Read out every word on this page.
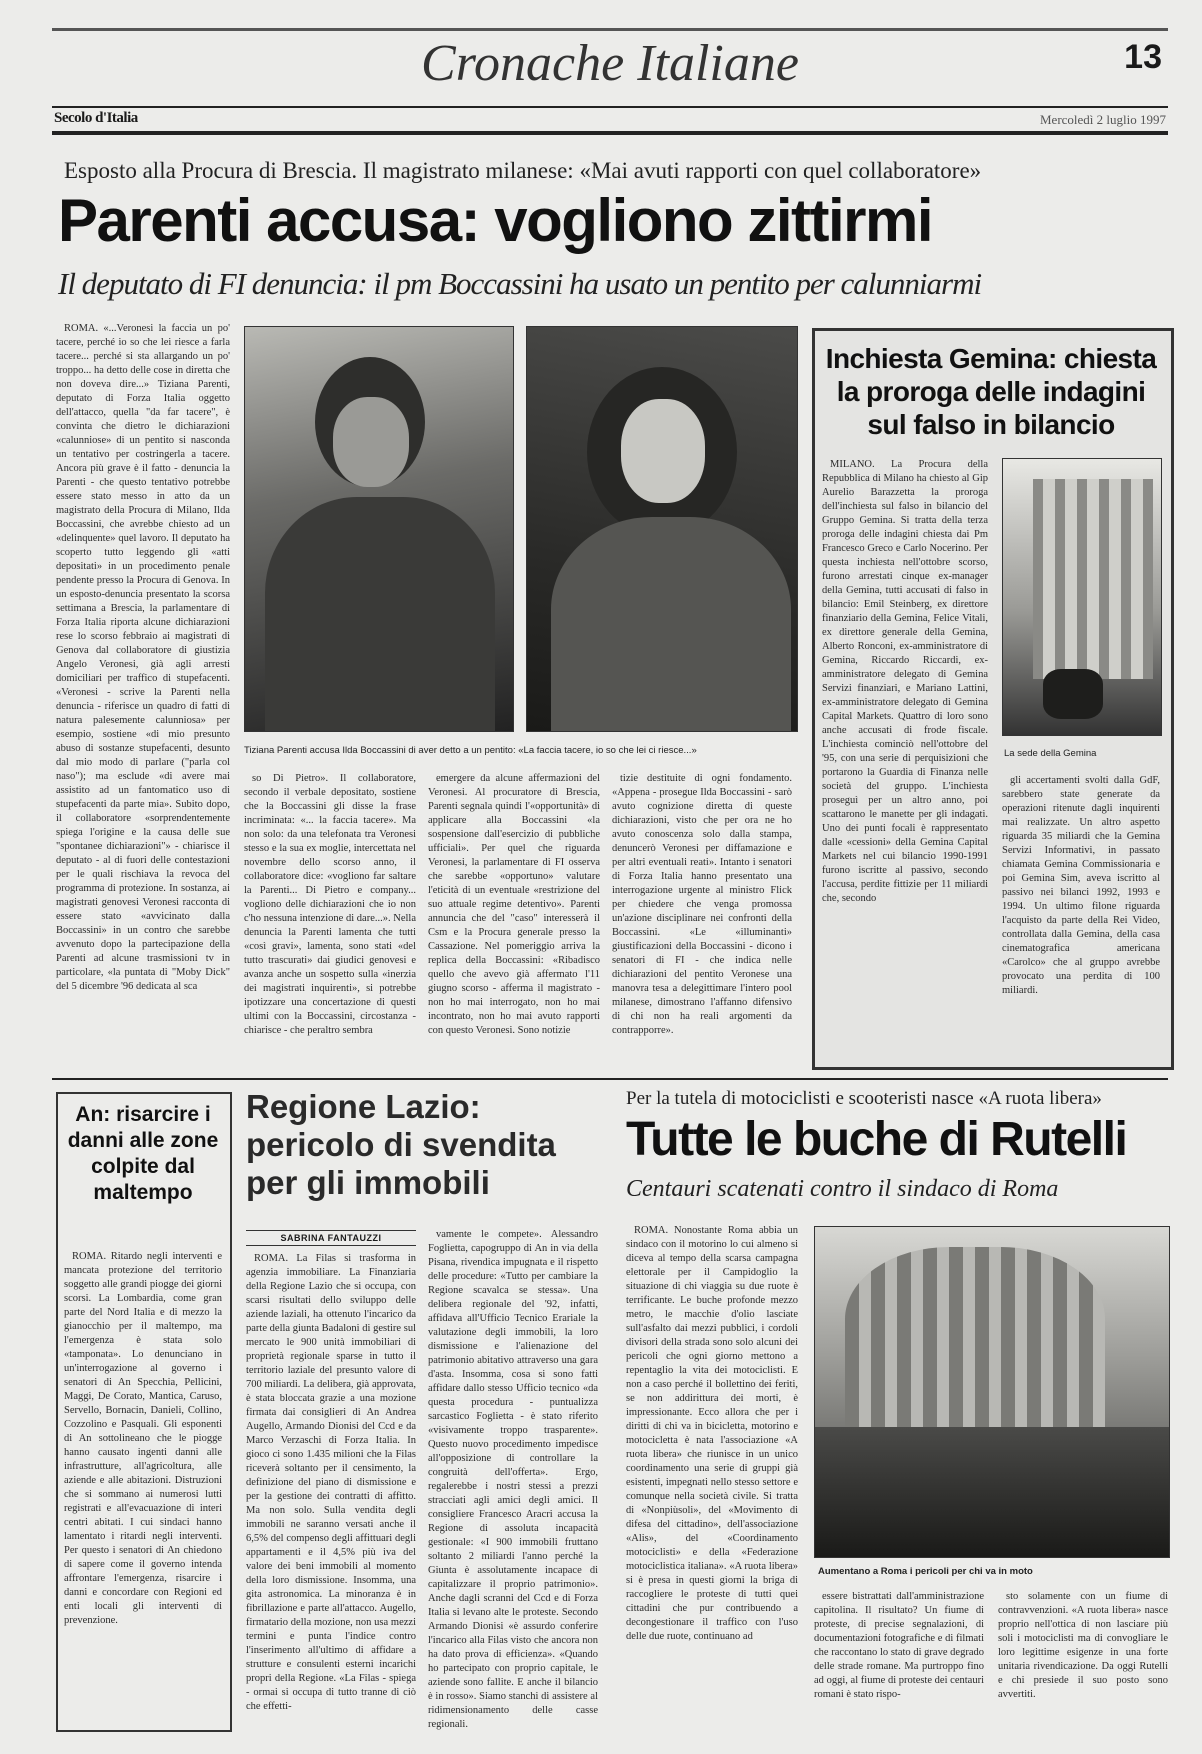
Cronache Italiane	13
Secolo d'Italia	Mercoledì 2 luglio 1997
Esposto alla Procura di Brescia. Il magistrato milanese: «Mai avuti rapporti con quel collaboratore»
Parenti accusa: vogliono zittirmi
Il deputato di FI denuncia: il pm Boccassini ha usato un pentito per calunniarmi

ROMA. «...Veronesi la faccia un po' tacere, perché io so che lei riesce a farla tacere... perché si sta allargando un po' troppo... ha detto delle cose in diretta che non doveva dire...» Tiziana Parenti, deputato di Forza Italia oggetto dell'attacco, quella "da far tacere", è convinta che dietro le dichiarazioni «calunniose» di un pentito si nasconda un tentativo per costringerla a tacere. Ancora più grave è il fatto - denuncia la Parenti - che questo tentativo potrebbe essere stato messo in atto da un magistrato della Procura di Milano, Ilda Boccassini, che avrebbe chiesto ad un «delinquente» quel lavoro. Il deputato ha scoperto tutto leggendo gli «atti depositati» in un procedimento penale pendente presso la Procura di Genova. In un esposto-denuncia presentato la scorsa settimana a Brescia, la parlamentare di Forza Italia riporta alcune dichiarazioni rese lo scorso febbraio ai magistrati di Genova dal collaboratore di giustizia Angelo Veronesi, già agli arresti domiciliari per traffico di stupefacenti. «Veronesi - scrive la Parenti nella denuncia - riferisce un quadro di fatti di natura palesemente calunniosa» per esempio, sostiene «di mio presunto abuso di sostanze stupefacenti, desunto dal mio modo di parlare ("parla col naso"); ma esclude «di avere mai assistito ad un fantomatico uso di stupefacenti da parte mia». Subito dopo, il collaboratore «sorprendentemente spiega l'origine e la causa delle sue "spontanee dichiarazioni"» - chiarisce il deputato - al di fuori delle contestazioni per le quali rischiava la revoca del programma di protezione. In sostanza, ai magistrati genovesi Veronesi racconta di essere stato «avvicinato dalla Boccassini» in un contro che sarebbe avvenuto dopo la partecipazione della Parenti ad alcune trasmissioni tv in particolare, «la puntata di "Moby Dick" del 5 dicembre '96 dedicata al sca

Tiziana Parenti accusa Ilda Boccassini di aver detto a un pentito: «La faccia tacere, io so che lei ci riesce...»

so Di Pietro». Il collaboratore, secondo il verbale depositato, sostiene che la Boccassini gli disse la frase incriminata: «... la faccia tacere». Ma non solo: da una telefonata tra Veronesi stesso e la sua ex moglie, intercettata nel novembre dello scorso anno, il collaboratore dice: «vogliono far saltare la Parenti... Di Pietro e company... vogliono delle dichiarazioni che io non c'ho nessuna intenzione di dare...». Nella denuncia la Parenti lamenta che tutti «così gravi», lamenta, sono stati «del tutto trascurati» dai giudici genovesi e avanza anche un sospetto sulla «inerzia dei magistrati inquirenti», si potrebbe ipotizzare una concertazione di questi ultimi con la Boccassini, circostanza - chiarisce - che peraltro sembra

emergere da alcune affermazioni del Veronesi. Al procuratore di Brescia, Parenti segnala quindi l'«opportunità» di applicare alla Boccassini «la sospensione dall'esercizio di pubbliche ufficiali». Per quel che riguarda Veronesi, la parlamentare di FI osserva che sarebbe «opportuno» valutare l'eticità di un eventuale «restrizione del suo attuale regime detentivo». Parenti annuncia che del "caso" interesserà il Csm e la Procura generale presso la Cassazione. Nel pomeriggio arriva la replica della Boccassini: «Ribadisco quello che avevo già affermato l'11 giugno scorso - afferma il magistrato - non ho mai interrogato, non ho mai incontrato, non ho mai avuto rapporti con questo Veronesi. Sono notizie

tizie destituite di ogni fondamento. «Appena - prosegue Ilda Boccassini - sarò avuto cognizione diretta di queste dichiarazioni, visto che per ora ne ho avuto conoscenza solo dalla stampa, denuncerò Veronesi per diffamazione e per altri eventuali reati». Intanto i senatori di Forza Italia hanno presentato una interrogazione urgente al ministro Flick per chiedere che venga promossa un'azione disciplinare nei confronti della Boccassini. «Le «illuminanti» giustificazioni della Boccassini - dicono i senatori di FI - che indica nelle dichiarazioni del pentito Veronese una manovra tesa a delegittimare l'intero pool milanese, dimostrano l'affanno difensivo di chi non ha reali argomenti da contrapporre».

Inchiesta Gemina: chiesta la proroga delle indagini sul falso in bilancio

MILANO. La Procura della Repubblica di Milano ha chiesto al Gip Aurelio Barazzetta la proroga dell'inchiesta sul falso in bilancio del Gruppo Gemina. Si tratta della terza proroga delle indagini chiesta dai Pm Francesco Greco e Carlo Nocerino. Per questa inchiesta nell'ottobre scorso, furono arrestati cinque ex-manager della Gemina, tutti accusati di falso in bilancio: Emil Steinberg, ex direttore finanziario della Gemina, Felice Vitali, ex direttore generale della Gemina, Alberto Ronconi, ex-amministratore di Gemina, Riccardo Riccardi, ex-amministratore delegato di Gemina Servizi finanziari, e Mariano Lattini, ex-amministratore delegato di Gemina Capital Markets. Quattro di loro sono anche accusati di frode fiscale. L'inchiesta cominciò nell'ottobre del '95, con una serie di perquisizioni che portarono la Guardia di Finanza nelle società del gruppo. L'inchiesta proseguì per un altro anno, poi scattarono le manette per gli indagati. Uno dei punti focali è rappresentato dalle «cessioni» della Gemina Capital Markets nel cui bilancio 1990-1991 furono iscritte al passivo, secondo l'accusa, perdite fittizie per 11 miliardi che, secondo

La sede della Gemina

gli accertamenti svolti dalla GdF, sarebbero state generate da operazioni ritenute dagli inquirenti mai realizzate. Un altro aspetto riguarda 35 miliardi che la Gemina Servizi Informativi, in passato chiamata Gemina Commissionaria e poi Gemina Sim, aveva iscritto al passivo nei bilanci 1992, 1993 e 1994. Un ultimo filone riguarda l'acquisto da parte della Rei Video, controllata dalla Gemina, della casa cinematografica americana «Carolco» che al gruppo avrebbe provocato una perdita di 100 miliardi.

An: risarcire i danni alle zone colpite dal maltempo

ROMA. Ritardo negli interventi e mancata protezione del territorio soggetto alle grandi piogge dei giorni scorsi. La Lombardia, come gran parte del Nord Italia e di mezzo la gianocchio per il maltempo, ma l'emergenza è stata solo «tamponata». Lo denunciano in un'interrogazione al governo i senatori di An Specchia, Pellicini, Maggi, De Corato, Mantica, Caruso, Servello, Bornacin, Danieli, Collino, Cozzolino e Pasquali. Gli esponenti di An sottolineano che le piogge hanno causato ingenti danni alle infrastrutture, all'agricoltura, alle aziende e alle abitazioni. Distruzioni che si sommano ai numerosi lutti registrati e all'evacuazione di interi centri abitati. I cui sindaci hanno lamentato i ritardi negli interventi. Per questo i senatori di An chiedono di sapere come il governo intenda affrontare l'emergenza, risarcire i danni e concordare con Regioni ed enti locali gli interventi di prevenzione.

Regione Lazio: pericolo di svendita per gli immobili
SABRINA FANTAUZZI

ROMA. La Filas si trasforma in agenzia immobiliare. La Finanziaria della Regione Lazio che si occupa, con scarsi risultati dello sviluppo delle aziende laziali, ha ottenuto l'incarico da parte della giunta Badaloni di gestire sul mercato le 900 unità immobiliari di proprietà regionale sparse in tutto il territorio laziale del presunto valore di 700 miliardi. La delibera, già approvata, è stata bloccata grazie a una mozione firmata dai consiglieri di An Andrea Augello, Armando Dionisi del Ccd e da Marco Verzaschi di Forza Italia. In gioco ci sono 1.435 milioni che la Filas riceverà soltanto per il censimento, la definizione del piano di dismissione e per la gestione dei contratti di affitto. Ma non solo. Sulla vendita degli immobili ne saranno versati anche il 6,5% del compenso degli affittuari degli appartamenti e il 4,5% più iva del valore dei beni immobili al momento della loro dismissione. Insomma, una gita astronomica. La minoranza è in fibrillazione e parte all'attacco. Augello, firmatario della mozione, non usa mezzi termini e punta l'indice contro l'inserimento all'ultimo di affidare a strutture e consulenti esterni incarichi propri della Regione. «La Filas - spiega - ormai si occupa di tutto tranne di ciò che effetti-

vamente le compete». Alessandro Foglietta, capogruppo di An in via della Pisana, rivendica impugnata e il rispetto delle procedure: «Tutto per cambiare la Regione scavalca se stessa». Una delibera regionale del '92, infatti, affidava all'Ufficio Tecnico Erariale la valutazione degli immobili, la loro dismissione e l'alienazione del patrimonio abitativo attraverso una gara d'asta. Insomma, cosa si sono fatti affidare dallo stesso Ufficio tecnico «da questa procedura - puntualizza sarcastico Foglietta - è stato riferito «visivamente troppo trasparente». Questo nuovo procedimento impedisce all'opposizione di controllare la congruità dell'offerta». Ergo, regalerebbe i nostri stessi a prezzi stracciati agli amici degli amici. Il consigliere Francesco Aracri accusa la Regione di assoluta incapacità gestionale: «I 900 immobili fruttano soltanto 2 miliardi l'anno perché la Giunta è assolutamente incapace di capitalizzare il proprio patrimonio». Anche dagli scranni del Ccd e di Forza Italia si levano alte le proteste. Secondo Armando Dionisi «è assurdo conferire l'incarico alla Filas visto che ancora non ha dato prova di efficienza». «Quando ho partecipato con proprio capitale, le aziende sono fallite. E anche il bilancio è in rosso». Siamo stanchi di assistere al ridimensionamento delle casse regionali.

Per la tutela di motociclisti e scooteristi nasce «A ruota libera»
Tutte le buche di Rutelli
Centauri scatenati contro il sindaco di Roma

ROMA. Nonostante Roma abbia un sindaco con il motorino lo cui almeno si diceva al tempo della scarsa campagna elettorale per il Campidoglio la situazione di chi viaggia su due ruote è terrificante. Le buche profonde mezzo metro, le macchie d'olio lasciate sull'asfalto dai mezzi pubblici, i cordoli divisori della strada sono solo alcuni dei pericoli che ogni giorno mettono a repentaglio la vita dei motociclisti. E non a caso perché il bollettino dei feriti, se non addirittura dei morti, è impressionante. Ecco allora che per i diritti di chi va in bicicletta, motorino e motocicletta è nata l'associazione «A ruota libera» che riunisce in un unico coordinamento una serie di gruppi già esistenti, impegnati nello stesso settore e comunque nella società civile. Si tratta di «Nonpiùsoli», del «Movimento di difesa del cittadino», dell'associazione «Alis», del «Coordinamento motociclisti» e della «Federazione motociclistica italiana». «A ruota libera» si è presa in questi giorni la briga di raccogliere le proteste di tutti quei cittadini che pur contribuendo a decongestionare il traffico con l'uso delle due ruote, continuano ad

Aumentano a Roma i pericoli per chi va in moto

essere bistrattati dall'amministrazione capitolina. Il risultato? Un fiume di proteste, di precise segnalazioni, di documentazioni fotografiche e di filmati che raccontano lo stato di grave degrado delle strade romane. Ma purtroppo fino ad oggi, al fiume di proteste dei centauri romani è stato rispo-

sto solamente con un fiume di contravvenzioni. «A ruota libera» nasce proprio nell'ottica di non lasciare più soli i motociclisti ma di convogliare le loro legittime esigenze in una forte unitaria rivendicazione. Da oggi Rutelli e chi presiede il suo posto sono avvertiti.
